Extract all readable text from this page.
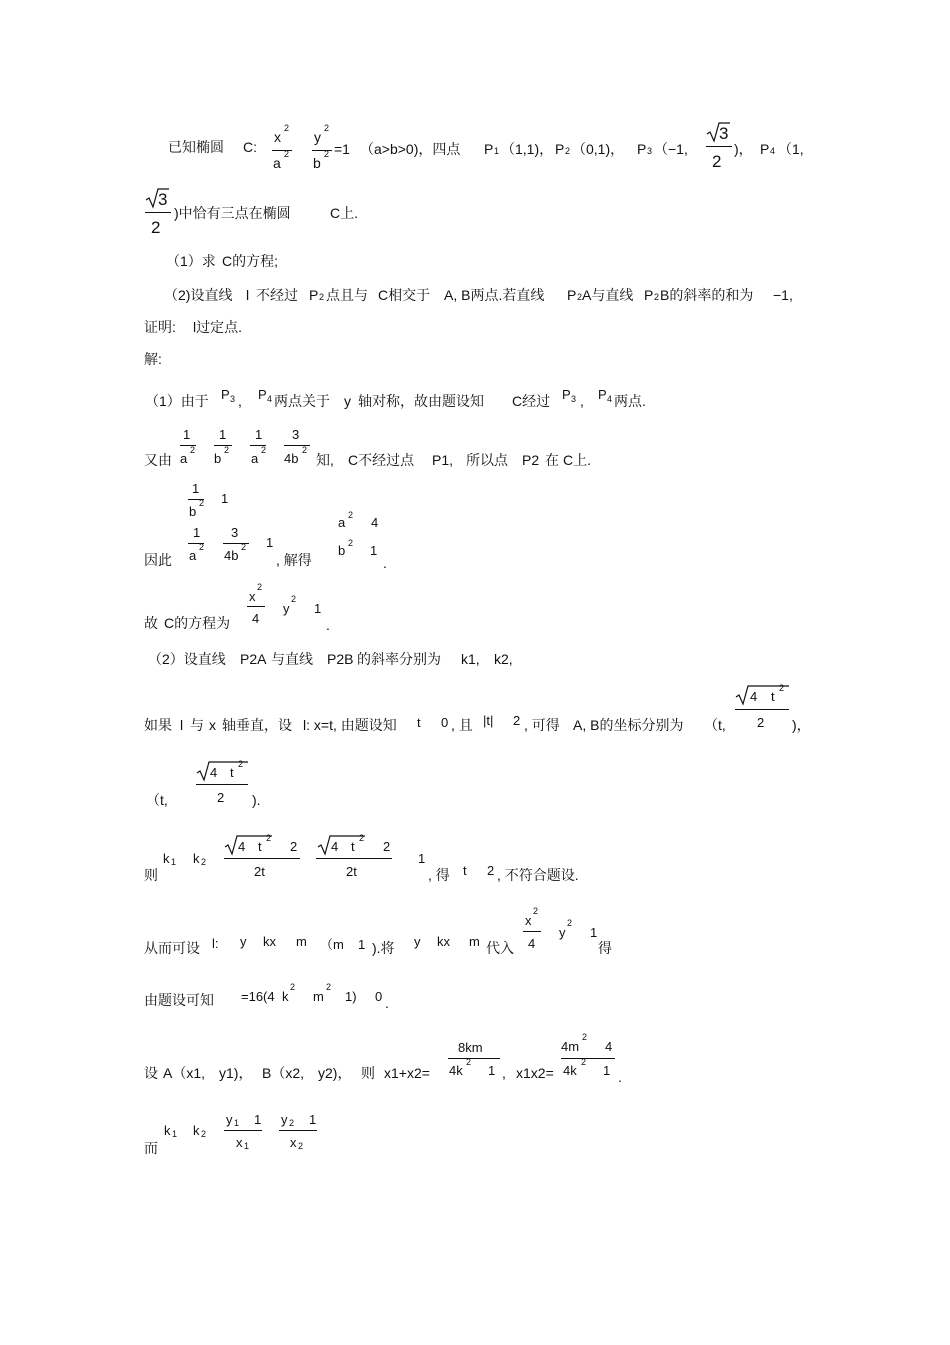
已知椭圆 C:
x
2
a
2
y
2
b
2 =1 （a>b>0)，四点 P 1 （1,1)， P 2 （0,1)， P 3 （−1,
3
2
)， P 4 （1,
3
2
)中恰有三点在椭圆	C上.
（1）求 C的方程;
（2)设直线 l 不经过 P 2 点且与 C相交于 A, B两点.若直线 P 2 A与直线 P 2 B的斜率的和为 −1,
证明: l过定点.
解:
（1）由于 P 3 , P 4 两点关于 y 轴对称，故由题设知 C经过 P 3 , P 4 两点.
又由
1
a
2
1
b
2
1
a
2
3
4b
2
知, C不经过点 P1, 所以点 P2 在 C上.
1
b
2 1
因此
1
a
2
3
4b
2 1
, 解得
a 2 4
b 2 1
.
故 C的方程为
x
2
4
y
2
1
.
（2）设直线 P2A 与直线 P2B 的斜率分别为 k1, k2,
如果 l 与 x 轴垂直，设 l: x=t, 由题设知 t 0 , 且 |t| 2 , 可得 A, B的坐标分别为 （t,
4 t
2
2 )，
（t,
4 t
2
2 ).
则
k 1 k 2
4 t
2
2
2t
4 t
2
2
2t
1
, 得 t 2 , 不符合题设.
从而可设 l: y kx m （m 1 ).将 y kx m 代入
x
2
4
y
2
1
得
由题设可知 =16(4 k
2
m
2
1) 0 .
设 A（x1, y1)， B（x2, y2)， 则 x1+x2=
8km
4k
2
1 , x1x2=
4m
2
4
4k
2
1 .
而
k 1 k 2
y 1 1
x 1
y 2 1
x 2
